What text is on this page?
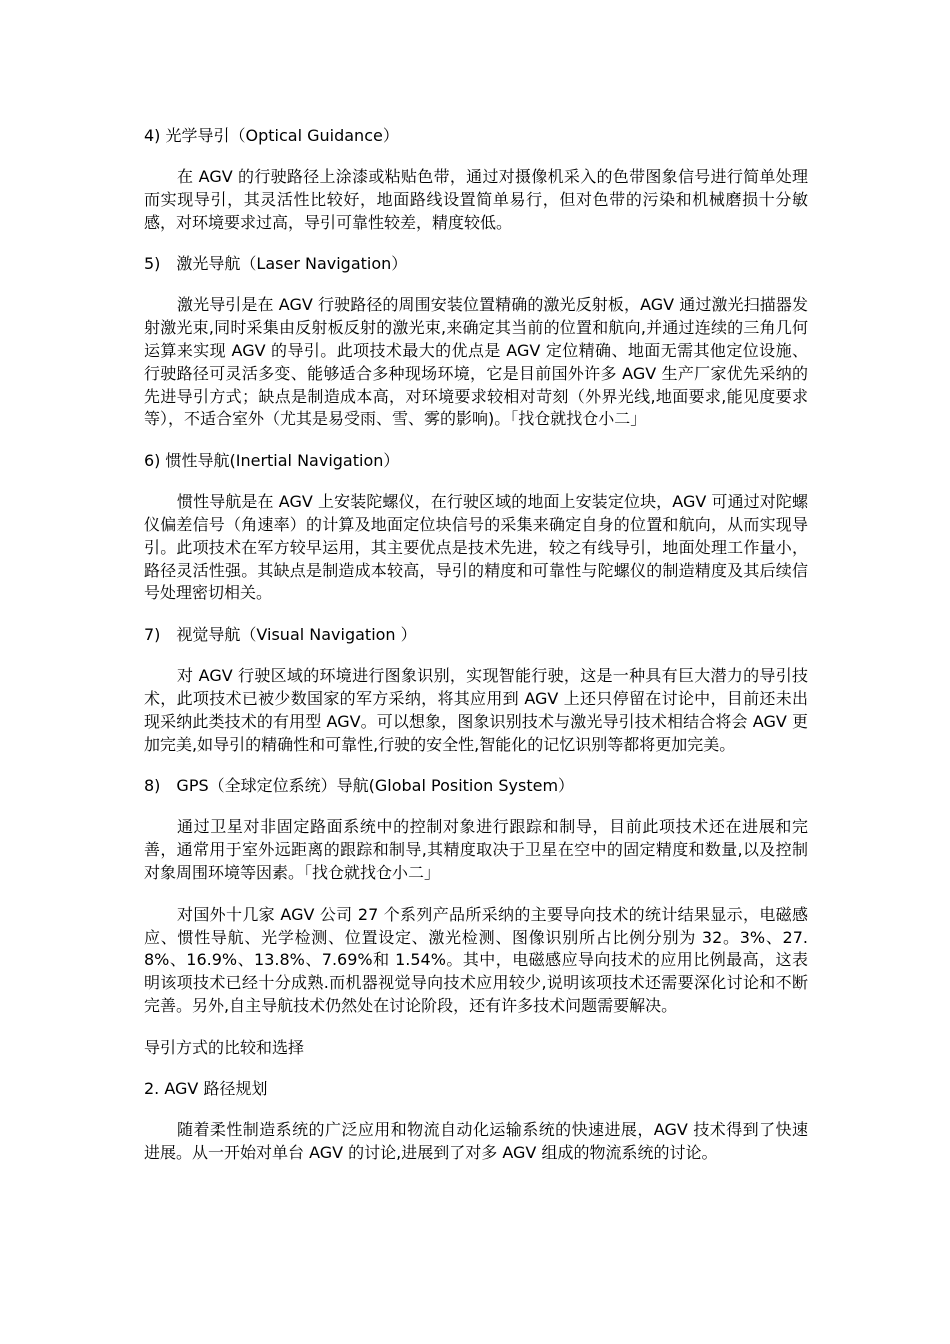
4) 光学导引（Optical Guidance）
在 AGV 的行驶路径上涂漆或粘贴色带，通过对摄像机采入的色带图象信号进行简单处理而实现导引，其灵活性比较好，地面路线设置简单易行，但对色带的污染和机械磨损十分敏感，对环境要求过高，导引可靠性较差，精度较低。
5)　激光导航（Laser Navigation）
激光导引是在 AGV 行驶路径的周围安装位置精确的激光反射板，AGV 通过激光扫描器发射激光束,同时采集由反射板反射的激光束,来确定其当前的位置和航向,并通过连续的三角几何运算来实现 AGV 的导引。此项技术最大的优点是 AGV 定位精确、地面无需其他定位设施、行驶路径可灵活多变、能够适合多种现场环境，它是目前国外许多 AGV 生产厂家优先采纳的先进导引方式；缺点是制造成本高，对环境要求较相对苛刻（外界光线,地面要求,能见度要求等），不适合室外（尤其是易受雨、雪、雾的影响)。「找仓就找仓小二」
6) 惯性导航(Inertial Navigation）
惯性导航是在 AGV 上安装陀螺仪，在行驶区域的地面上安装定位块，AGV 可通过对陀螺仪偏差信号（角速率）的计算及地面定位块信号的采集来确定自身的位置和航向，从而实现导引。此项技术在军方较早运用，其主要优点是技术先进，较之有线导引，地面处理工作量小，路径灵活性强。其缺点是制造成本较高，导引的精度和可靠性与陀螺仪的制造精度及其后续信号处理密切相关。
7)　视觉导航（Visual Navigation ）
对 AGV 行驶区域的环境进行图象识别，实现智能行驶，这是一种具有巨大潜力的导引技术，此项技术已被少数国家的军方采纳，将其应用到 AGV 上还只停留在讨论中，目前还未出现采纳此类技术的有用型 AGV。可以想象，图象识别技术与激光导引技术相结合将会 AGV 更加完美,如导引的精确性和可靠性,行驶的安全性,智能化的记忆识别等都将更加完美。
8)　GPS（全球定位系统）导航(Global Position System）
通过卫星对非固定路面系统中的控制对象进行跟踪和制导，目前此项技术还在进展和完善，通常用于室外远距离的跟踪和制导,其精度取决于卫星在空中的固定精度和数量,以及控制对象周围环境等因素。「找仓就找仓小二」
对国外十几家 AGV 公司 27 个系列产品所采纳的主要导向技术的统计结果显示，电磁感应、惯性导航、光学检测、位置设定、激光检测、图像识别所占比例分别为 32。3%、27.8%、16.9%、13.8%、7.69%和 1.54%。其中，电磁感应导向技术的应用比例最高，这表明该项技术已经十分成熟.而机器视觉导向技术应用较少,说明该项技术还需要深化讨论和不断完善。另外,自主导航技术仍然处在讨论阶段，还有许多技术问题需要解决。
导引方式的比较和选择
2. AGV 路径规划
随着柔性制造系统的广泛应用和物流自动化运输系统的快速进展，AGV 技术得到了快速进展。从一开始对单台 AGV 的讨论,进展到了对多 AGV 组成的物流系统的讨论。
